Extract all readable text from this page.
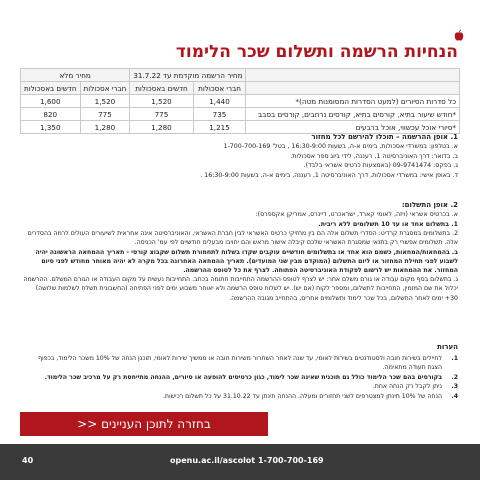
הנחיות הרשמה ותשלום שכר הלימוד
	מחיר הרשמה מוקדמת עד 31.7.22		מחיר מלא	
	חברי אסכולות	חדשים באסכולות	חברי אסכולות	חדשים באסכולות
כל סדרות הסיורים (למעט הסדרות המסומנות מטה)*	1,440	1,520	1,520	1,600
*חודש שיעור בתיא, קורסים בתיא, קורסים נרחבים, קורסים בסבב	735	775	775	820
*סיורי אוכל עכשווי, אוכל ברבעים	1,215	1,280	1,280	1,350
1. אופן ההרשמה – תוכלו להירשם לכל מחזור
א. בטלפון: במשרדי אסכולות, בימים א-ה, בשעות 16:30-9:00 , בטל' 1-700-700-169
ב. בדואר: דרך האוניברסיטה 1, רעננה, לידי ביוג ספר אסכולות.
ג. בפקס: 09-9741474 (באמצעות כרטיס אשראי בלבד).
ד. באופן אישי: במשרדי אסכולות, דרך האוניברסיטה 1, רעננה, בימים א-ה, בשעות 16:30-9:00 .
2. אופן התשלום:
א. בכרטיס אשראי (ויזה, לאומי קארד, ישראכרט, דיינרס, אמריקן אקספרס):
1. בתשלום אחד או עד 10 תשלומים ללא ריבית.
2. בתשלומים במסגרת קרדיט: הסדרי תשלום אלה הם בין מחזיקי כרטיס האשראי לבין חברת האשראי, והאוניברסיטה אינה אחראית לשיעורים העולים לרמה בהסדרים אלה. תשלומים אפשרי רק בתנאי שמסגרת האשראי שלכם קיבלה אישור מראש והם יחויבו מבעלים חודשיים לפי עמ' הכניסה.
ב. בהמחאות/המחאות, כשמם הוא אחד או בתשלומים חודשיים עוקבים שקדו בשלוח לתחמורת תשלום שקבוצ קורסי - תאריך ההמחאה הראשונה יהיה לשבוע לפני תחילת המחזור או ליום התשלום (המוקדם מבין שני המועדים). תאריך ההמחאה האחרונה בכל מקרה לא יהיה מאוחר מחודש לפני סיום המחזור. את ההמחאות יש לרשום לפקודת האוניברסיטה הפתוחה. לצרף את כל לטופס ההרשמה.
ג. בתשלום בסף מקום עבודה או גורם משלם אחר: יש לצרף לטופס ההרשמה התחייבות חתומה בכתב. התחייבות נעשית על מקום העבודה או הגורם המשלם. ההרשמה יכלול את שם המזמין, התחייבות לתשלום, ומספר לקוח (אם יש). יש לשלוח טופס הרשמה ולא יאוחר משבוע ימים לפני הפתיחה (החשבונית תשלח לשלמות שלושה) 30+ ימים לאחר התשלום, בכל שכר לימוד ותשלומים אחרים, בהתחייב מגובה ההרשמה.
הערות
1.
לחיילים בשירות חובה ולסטודנטים בשירות לאומי, עד שנה לאחר השחרור משירות חובה או ממשיך שירות לאומי, תוכנן הנחה של 10% משכר הלימוד, בכפוף הצגת תעודה מתאימה.
2.
בקורסים בהם שכר הלימוד כולל גם תוכנית שאינה שכר לימוד, כגון כרטיסים להופעה או סיורים, ההנחה מתייחסת רק על מרכיב שכר הלימוד.
3.
ניתן לקבל רק הנחה אחת.
4.
הנחה של 10% תינתן למצטרפים לשני תחזורים ומעלה. ההנחה תינתן עד 31.10.22 על כל תשלום רכישות.
בחזרה לתוכן העניינים <<
40	openu.ac.il/ascolot 1-700-700-169
